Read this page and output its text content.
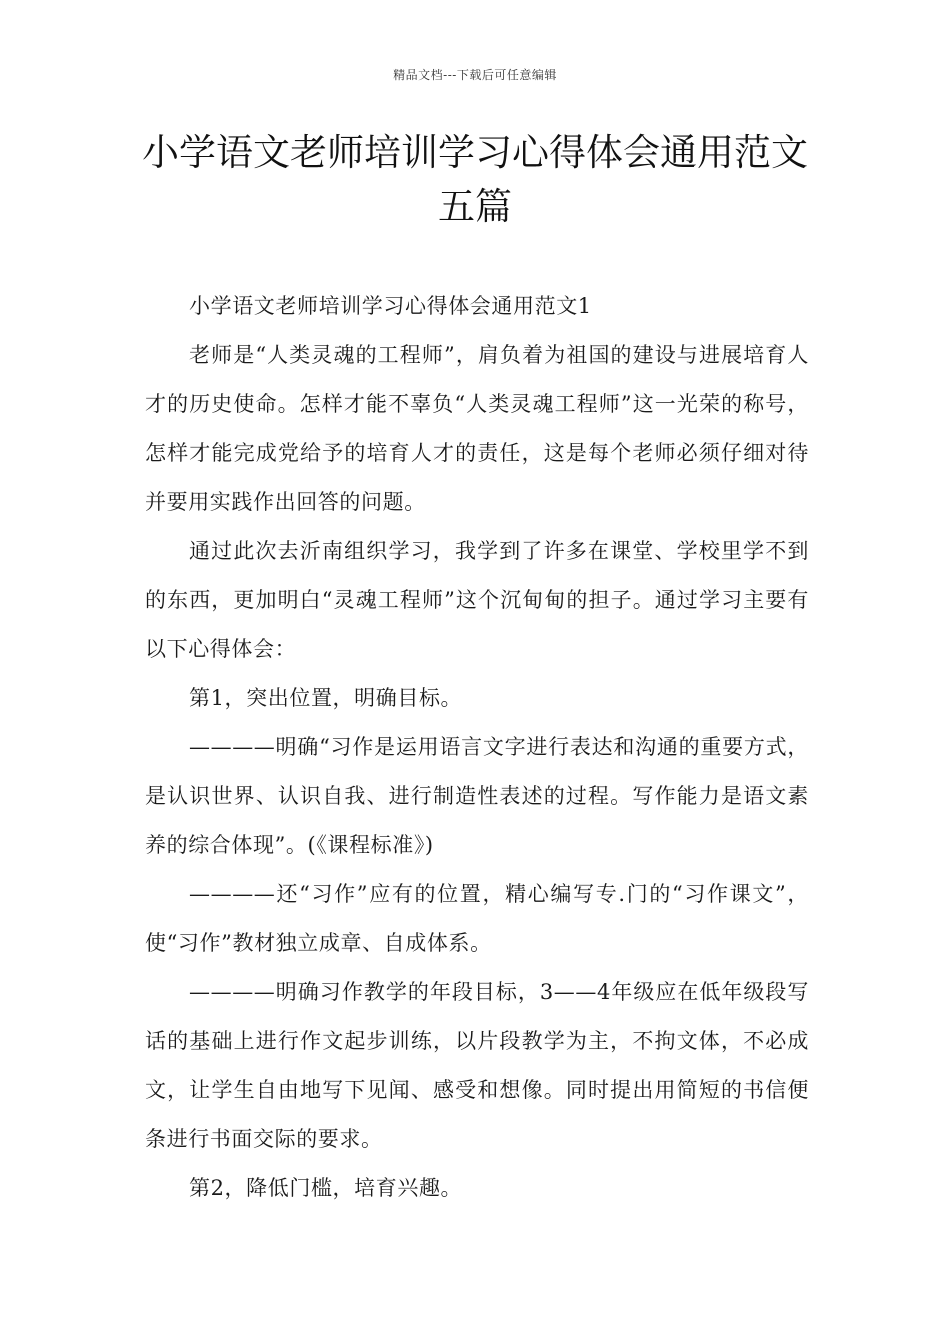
精品文档---下载后可任意编辑
小学语文老师培训学习心得体会通用范文五篇

小学语文老师培训学习心得体会通用范文1

老师是“人类灵魂的工程师”，肩负着为祖国的建设与进展培育人才的历史使命。怎样才能不辜负“人类灵魂工程师”这一光荣的称号，怎样才能完成党给予的培育人才的责任，这是每个老师必须仔细对待并要用实践作出回答的问题。

通过此次去沂南组织学习，我学到了许多在课堂、学校里学不到的东西，更加明白“灵魂工程师”这个沉甸甸的担子。通过学习主要有以下心得体会：

第1，突出位置，明确目标。

————明确“习作是运用语言文字进行表达和沟通的重要方式，是认识世界、认识自我、进行制造性表述的过程。写作能力是语文素养的综合体现”。(《课程标准》)

————还“习作”应有的位置，精心编写专.门的“习作课文”，使“习作”教材独立成章、自成体系。

————明确习作教学的年段目标，3——4年级应在低年级段写话的基础上进行作文起步训练，以片段教学为主，不拘文体，不必成文，让学生自由地写下见闻、感受和想像。同时提出用简短的书信便条进行书面交际的要求。

第2，降低门槛，培育兴趣。
